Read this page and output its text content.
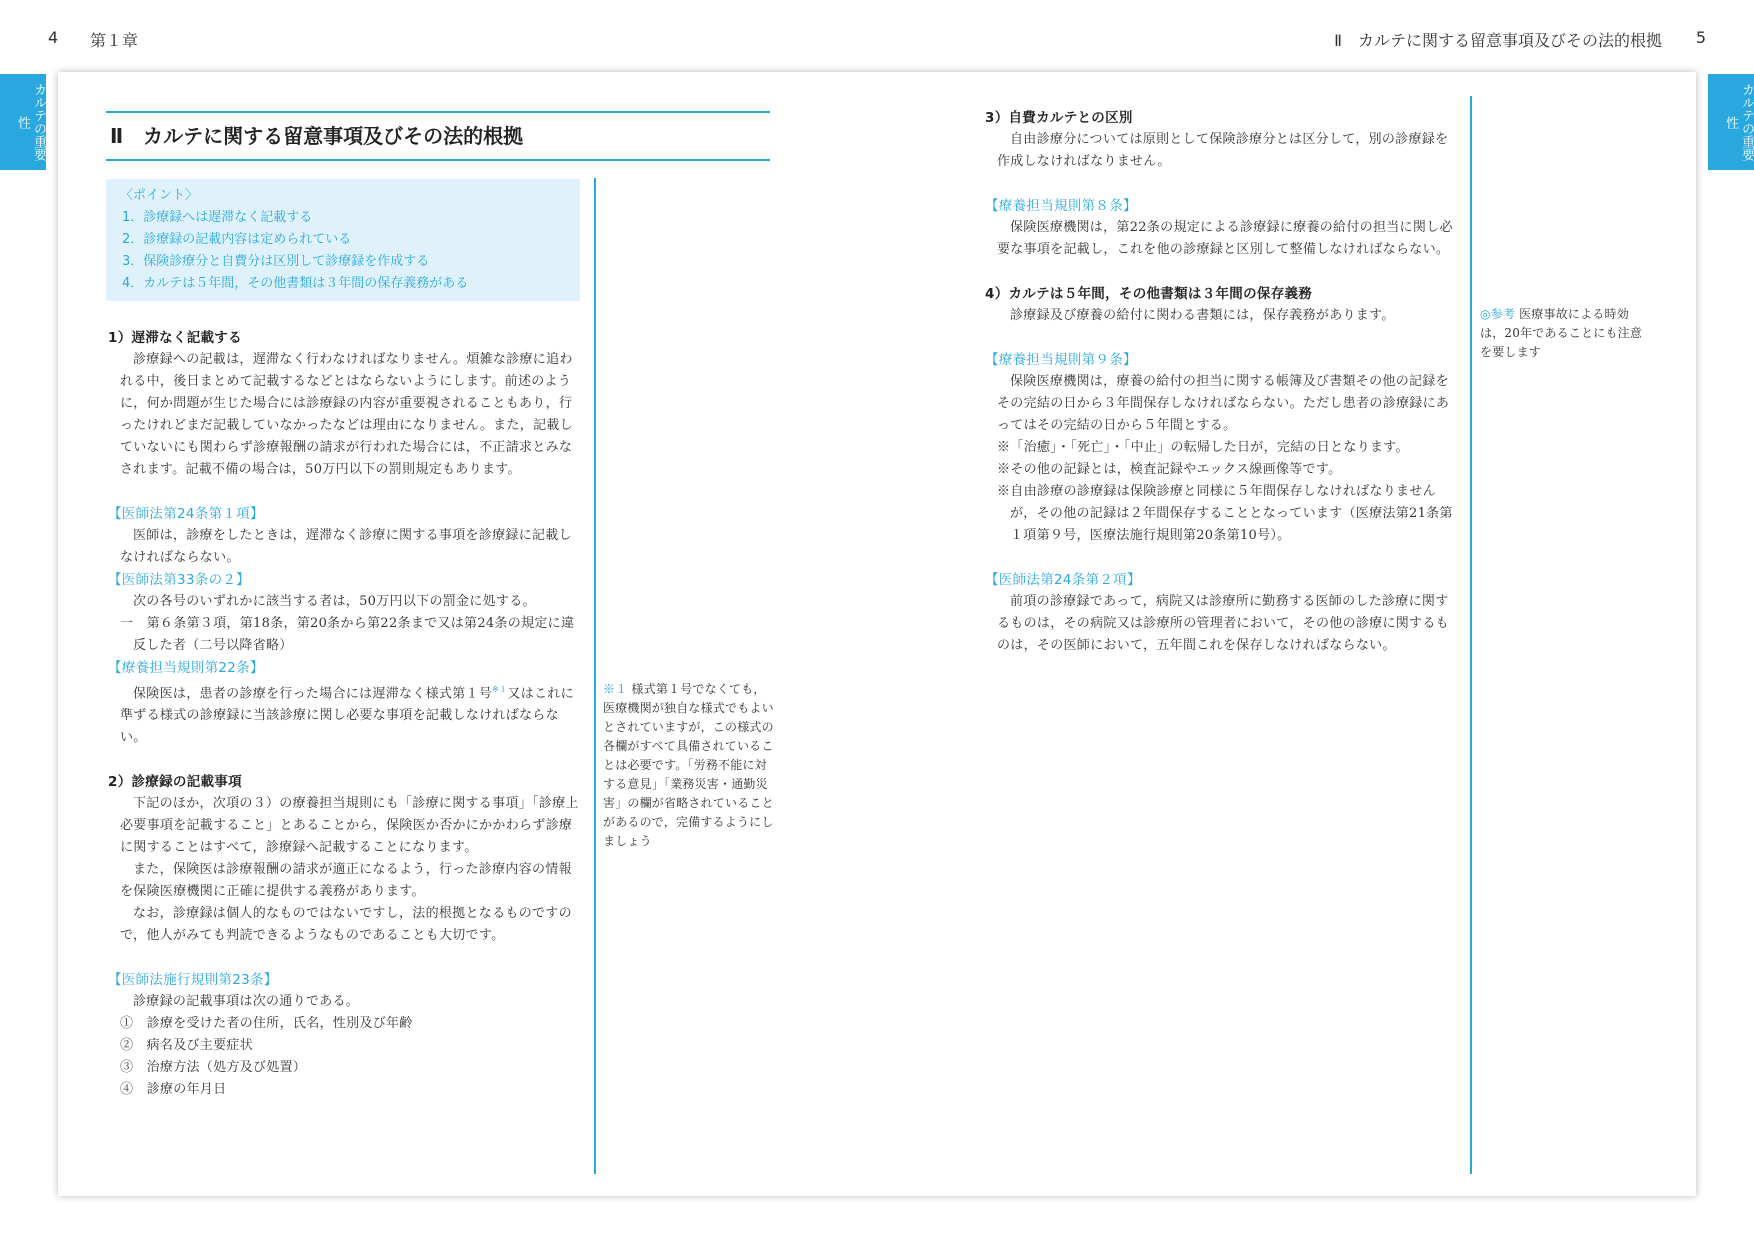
4 第１章	Ⅱ　カルテに関する留意事項及びその法的根拠 5
カルテの重要性	カルテの重要性
Ⅱ　カルテに関する留意事項及びその法的根拠
〈ポイント〉
1．診療録へは遅滞なく記載する
2．診療録の記載内容は定められている
3．保険診療分と自費分は区別して診療録を作成する
4．カルテは５年間，その他書類は３年間の保存義務がある
1）遅滞なく記載する

診療録への記載は，遅滞なく行わなければなりません。煩雑な診療に追われる中，後日まとめて記載するなどとはならないようにします。前述のように，何か問題が生じた場合には診療録の内容が重要視されることもあり，行ったけれどまだ記載していなかったなどは理由になりません。また，記載していないにも関わらず診療報酬の請求が行われた場合には，不正請求とみなされます。記載不備の場合は，50万円以下の罰則規定もあります。

【医師法第24条第１項】

医師は，診療をしたときは，遅滞なく診療に関する事項を診療録に記載しなければならない。

【医師法第33条の２】

次の各号のいずれかに該当する者は，50万円以下の罰金に処する。

一　第６条第３項，第18条，第20条から第22条まで又は第24条の規定に違反した者（二号以降省略）

【療養担当規則第22条】

保険医は，患者の診療を行った場合には遅滞なく様式第１号$^{※1}$又はこれに準ずる様式の診療録に当該診療に関し必要な事項を記載しなければならない。

2）診療録の記載事項

下記のほか，次項の３）の療養担当規則にも「診療に関する事項」「診療上必要事項を記載すること」とあることから，保険医か否かにかかわらず診療に関することはすべて，診療録へ記載することになります。

また，保険医は診療報酬の請求が適正になるよう，行った診療内容の情報を保険医療機関に正確に提供する義務があります。

なお，診療録は個人的なものではないですし，法的根拠となるものですので，他人がみても判読できるようなものであることも大切です。

【医師法施行規則第23条】

診療録の記載事項は次の通りである。

①　診療を受けた者の住所，氏名，性別及び年齢

②　病名及び主要症状

③　治療方法（処方及び処置）

④　診療の年月日

※１ 様式第１号でなくても，医療機関が独自な様式でもよいとされていますが，この様式の各欄がすべて具備されていることは必要です。「労務不能に対する意見」「業務災害・通勤災害」の欄が省略されていることがあるので，完備するようにしましょう
3）自費カルテとの区別

自由診療分については原則として保険診療分とは区分して，別の診療録を作成しなければなりません。

【療養担当規則第８条】

保険医療機関は，第22条の規定による診療録に療養の給付の担当に関し必要な事項を記載し，これを他の診療録と区別して整備しなければならない。

4）カルテは５年間，その他書類は３年間の保存義務

診療録及び療養の給付に関わる書類には，保存義務があります。

【療養担当規則第９条】

保険医療機関は，療養の給付の担当に関する帳簿及び書類その他の記録をその完結の日から３年間保存しなければならない。ただし患者の診療録にあってはその完結の日から５年間とする。

※「治癒」・「死亡」・「中止」の転帰した日が，完結の日となります。

※その他の記録とは，検査記録やエックス線画像等です。

※自由診療の診療録は保険診療と同様に５年間保存しなければなりませんが，その他の記録は２年間保存することとなっています（医療法第21条第１項第９号，医療法施行規則第20条第10号）。

【医師法第24条第２項】

前項の診療録であって，病院又は診療所に勤務する医師のした診療に関するものは，その病院又は診療所の管理者において，その他の診療に関するものは，その医師において，五年間これを保存しなければならない。

◎参考 医療事故による時効は，20年であることにも注意を要します
